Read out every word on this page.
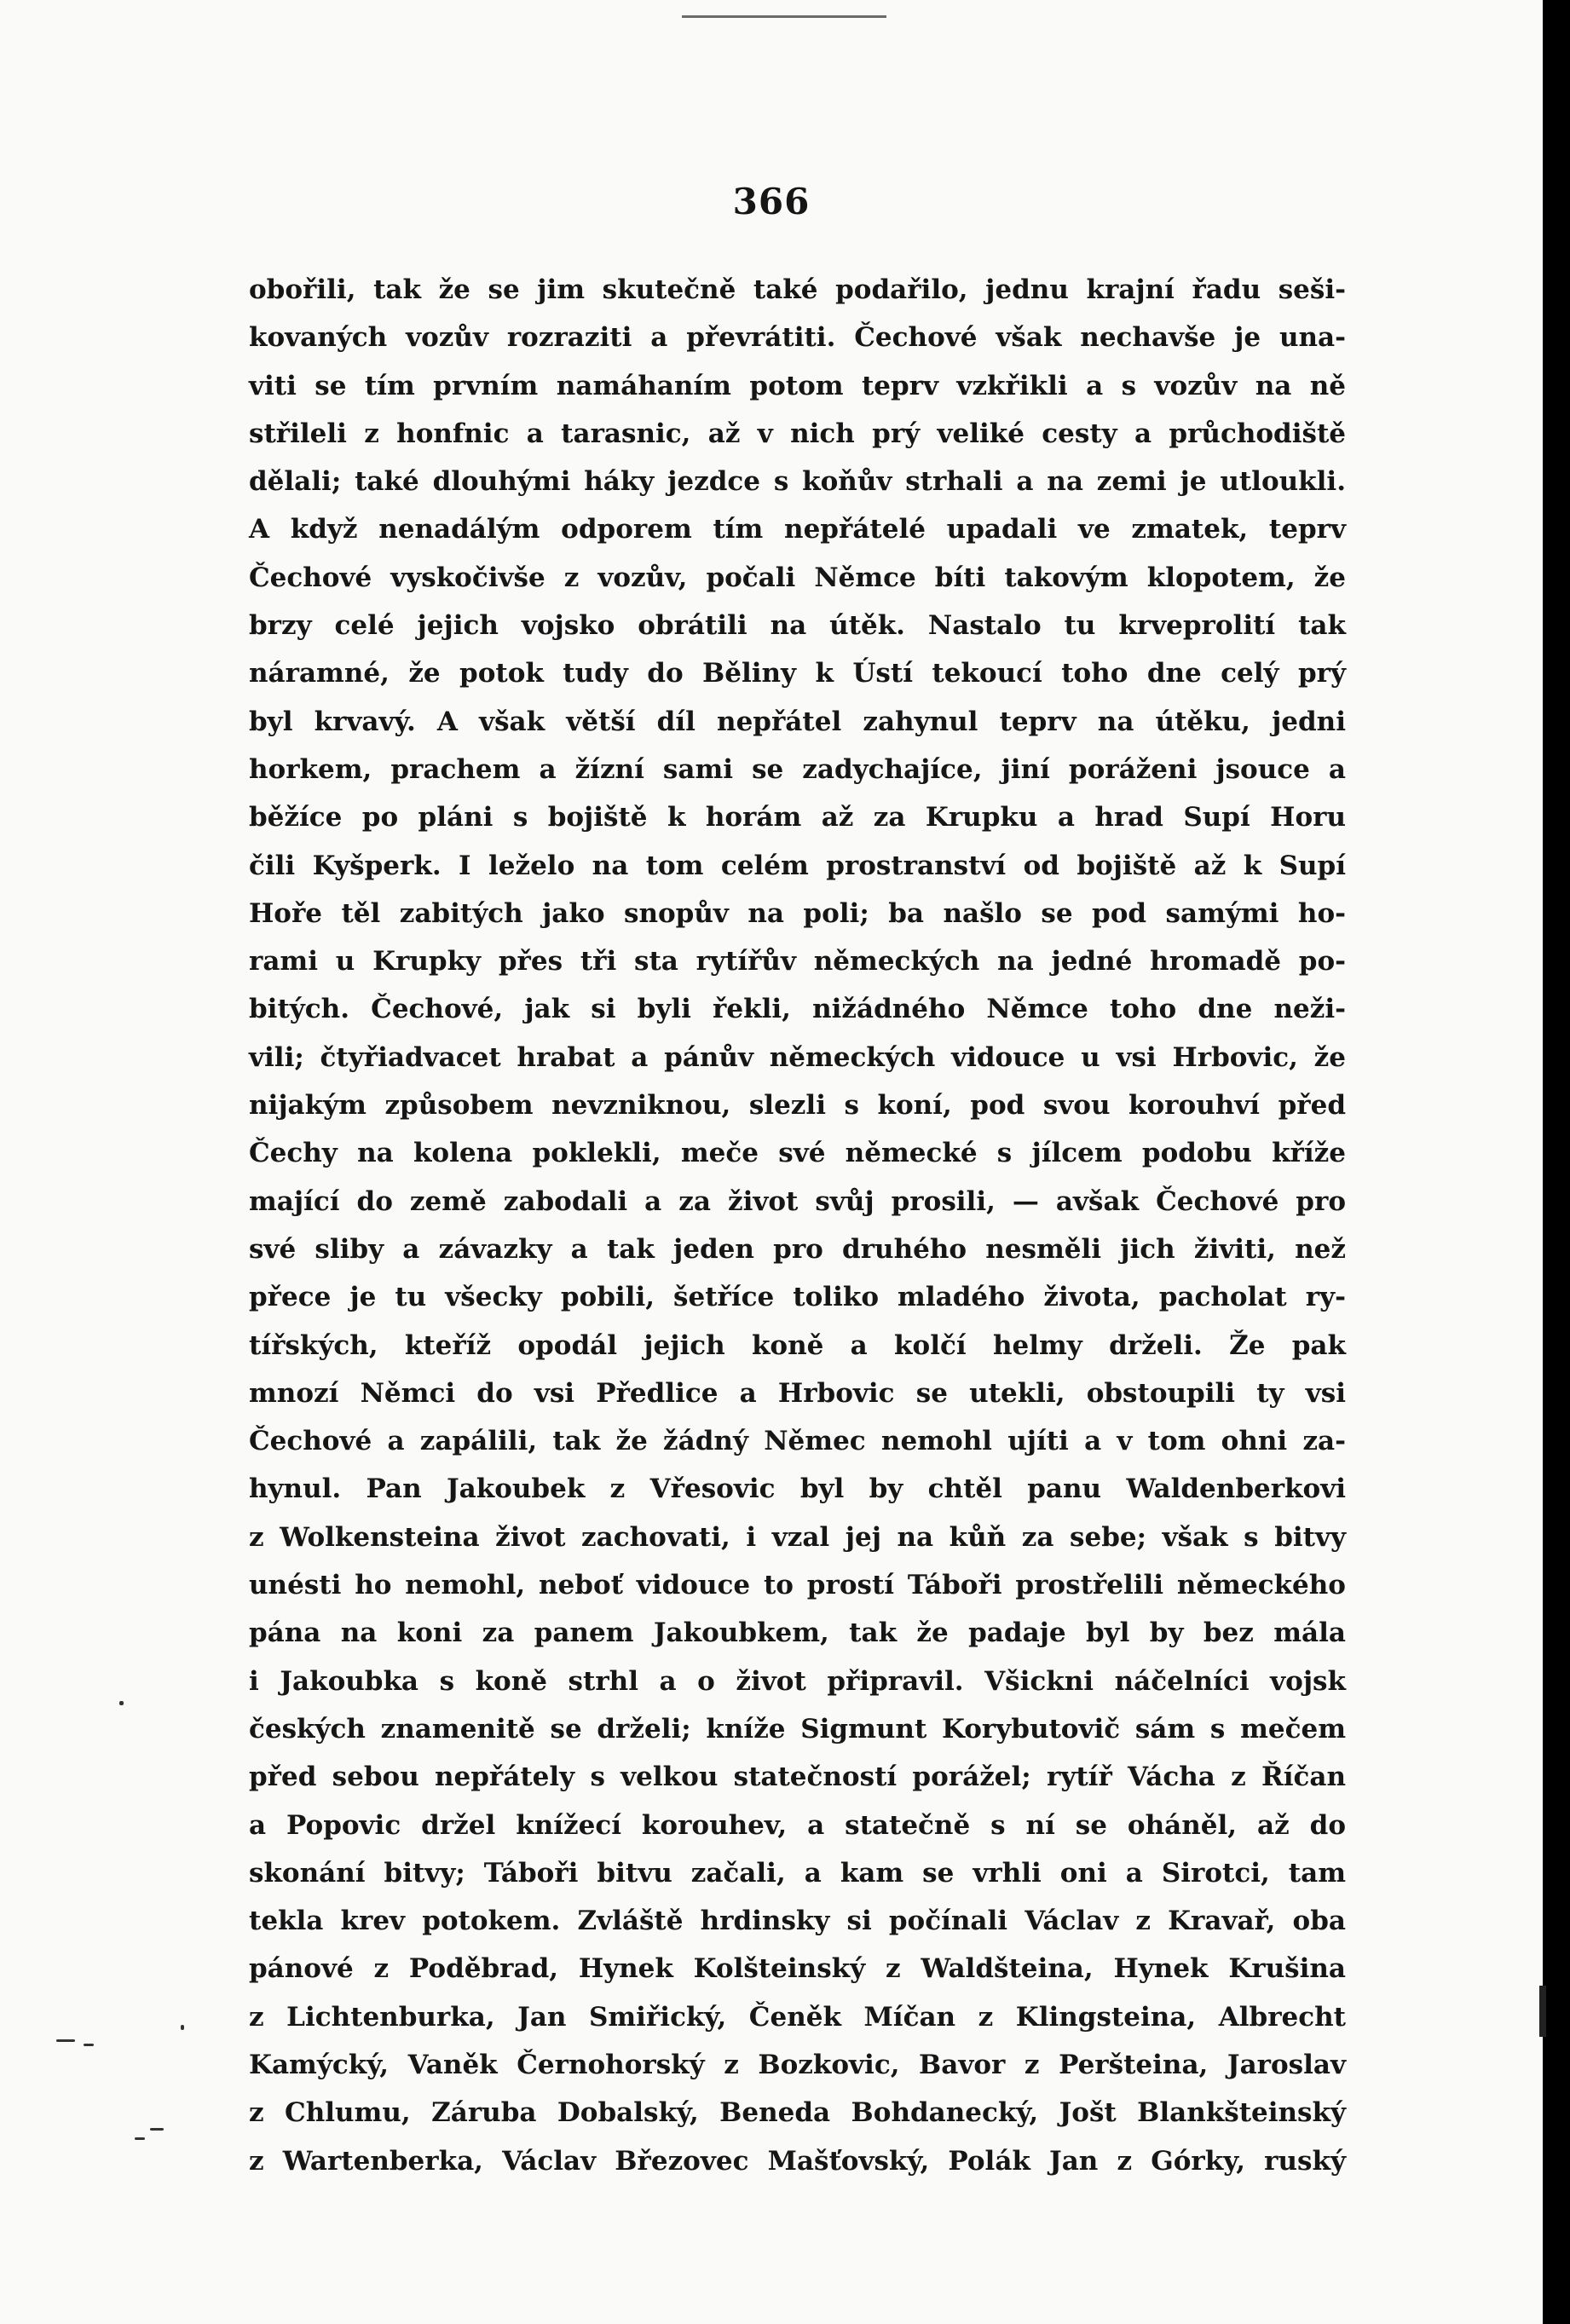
366
obořili, tak že se jim skutečně také podařilo, jednu krajní řadu seši-
kovaných vozův rozraziti a převrátiti. Čechové však nechavše je una-
viti se tím prvním namáhaním potom teprv vzkřikli a s vozův na ně
střileli z honfnic a tarasnic, až v nich prý veliké cesty a průchodiště
dělali; také dlouhými háky jezdce s koňův strhali a na zemi je utloukli.
A když nenadálým odporem tím nepřátelé upadali ve zmatek, teprv
Čechové vyskočivše z vozův, počali Němce bíti takovým klopotem, že
brzy celé jejich vojsko obrátili na útěk. Nastalo tu krveprolití tak
náramné, že potok tudy do Běliny k Ústí tekoucí toho dne celý prý
byl krvavý. A však větší díl nepřátel zahynul teprv na útěku, jedni
horkem, prachem a žízní sami se zadychajíce, jiní poráženi jsouce a
běžíce po pláni s bojiště k horám až za Krupku a hrad Supí Horu
čili Kyšperk. I leželo na tom celém prostranství od bojiště až k Supí
Hoře těl zabitých jako snopův na poli; ba našlo se pod samými ho-
rami u Krupky přes tři sta rytířův německých na jedné hromadě po-
bitých. Čechové, jak si byli řekli, nižádného Němce toho dne neži-
vili; čtyřiadvacet hrabat a pánův německých vidouce u vsi Hrbovic, že
nijakým způsobem nevzniknou, slezli s koní, pod svou korouhví před
Čechy na kolena poklekli, meče své německé s jílcem podobu kříže
mající do země zabodali a za život svůj prosili, — avšak Čechové pro
své sliby a závazky a tak jeden pro druhého nesměli jich živiti, než
přece je tu všecky pobili, šetříce toliko mladého života, pacholat ry-
tířských, kteříž opodál jejich koně a kolčí helmy drželi. Že pak
mnozí Němci do vsi Předlice a Hrbovic se utekli, obstoupili ty vsi
Čechové a zapálili, tak že žádný Němec nemohl ujíti a v tom ohni za-
hynul. Pan Jakoubek z Vřesovic byl by chtěl panu Waldenberkovi
z Wolkensteina život zachovati, i vzal jej na kůň za sebe; však s bitvy
unésti ho nemohl, neboť vidouce to prostí Táboři prostřelili německého
pána na koni za panem Jakoubkem, tak že padaje byl by bez mála
i Jakoubka s koně strhl a o život připravil. Všickni náčelníci vojsk
českých znamenitě se drželi; kníže Sigmunt Korybutovič sám s mečem
před sebou nepřátely s velkou statečností porážel; rytíř Vácha z Říčan
a Popovic držel knížecí korouhev, a statečně s ní se oháněl, až do
skonání bitvy; Táboři bitvu začali, a kam se vrhli oni a Sirotci, tam
tekla krev potokem. Zvláště hrdinsky si počínali Václav z Kravař, oba
pánové z Poděbrad, Hynek Kolšteinský z Waldšteina, Hynek Krušina
z Lichtenburka, Jan Smiřický, Čeněk Míčan z Klingsteina, Albrecht
Kamýcký, Vaněk Černohorský z Bozkovic, Bavor z Peršteina, Jaroslav
z Chlumu, Záruba Dobalský, Beneda Bohdanecký, Jošt Blankšteinský
z Wartenberka, Václav Březovec Mašťovský, Polák Jan z Górky, ruský
